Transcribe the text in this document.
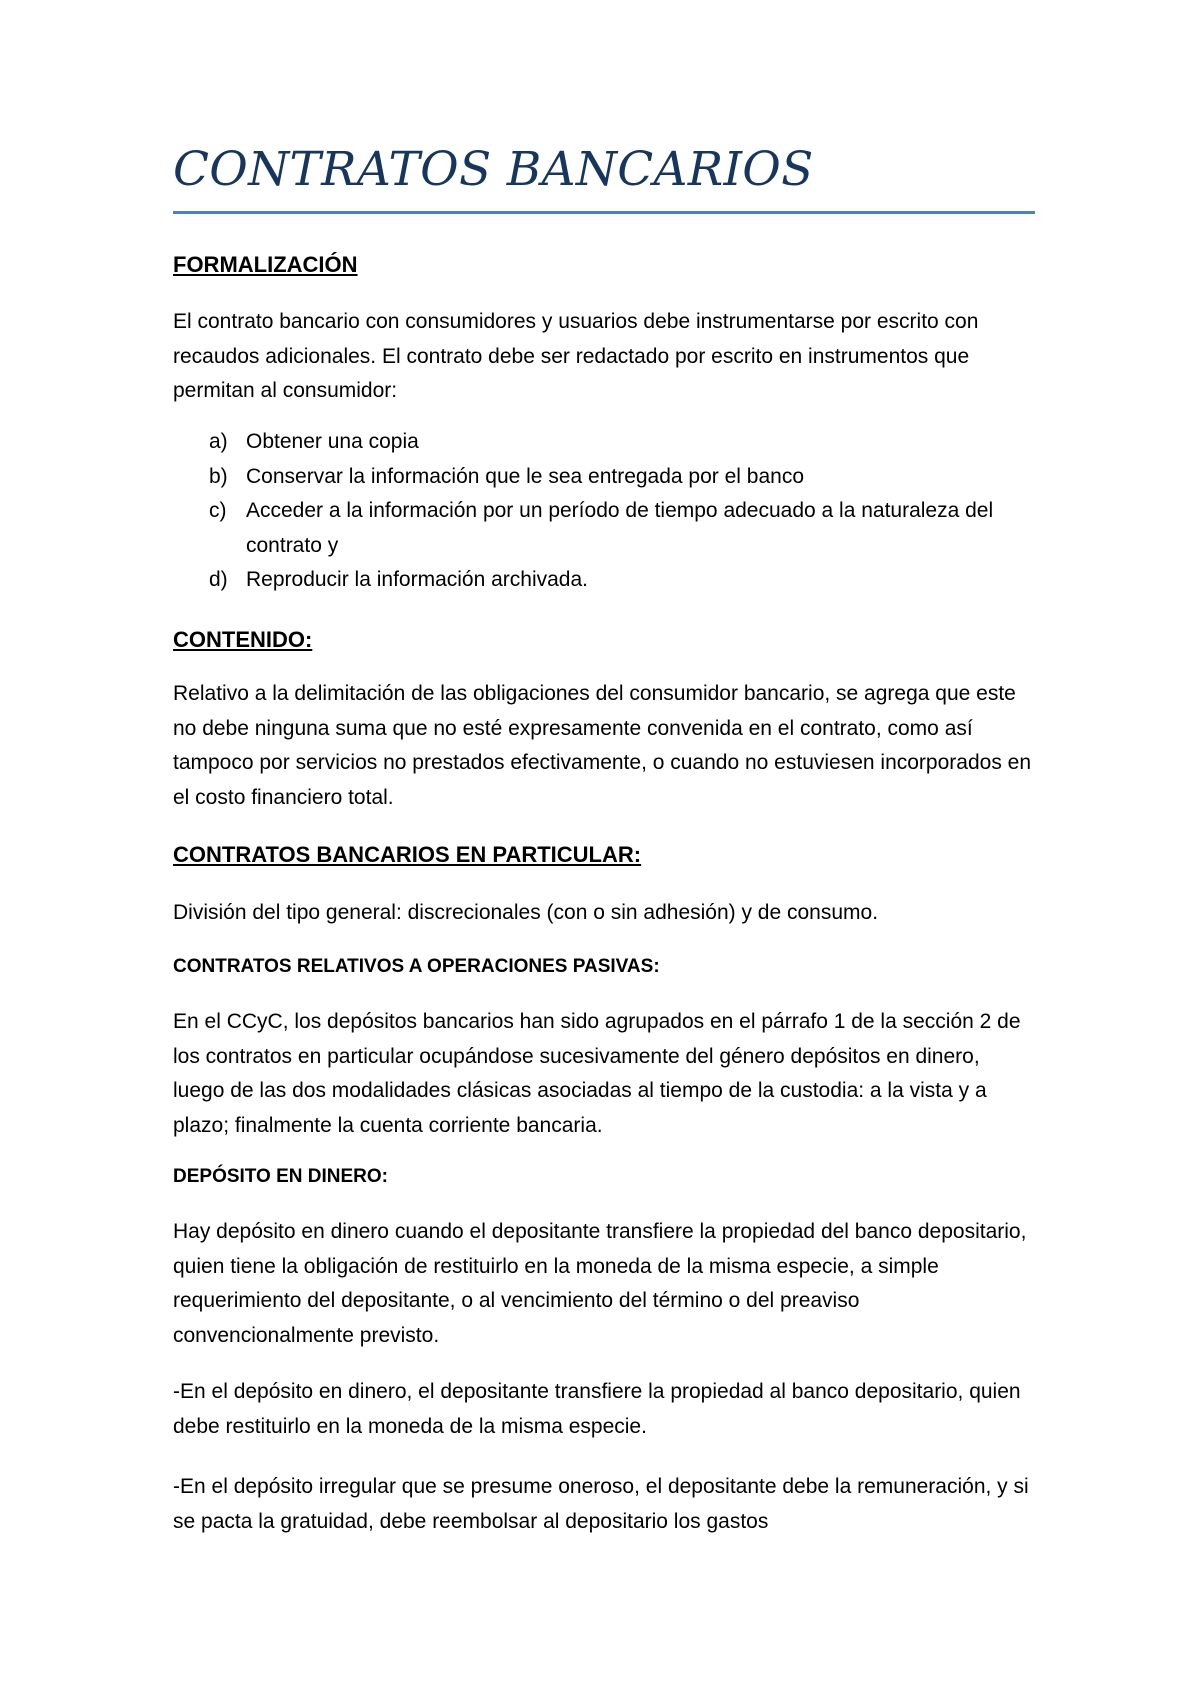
CONTRATOS BANCARIOS
FORMALIZACIÓN
El contrato bancario con consumidores y usuarios debe instrumentarse por escrito con recaudos adicionales. El contrato debe ser redactado por escrito en instrumentos que permitan al consumidor:
a) Obtener una copia
b) Conservar la información que le sea entregada por el banco
c) Acceder a la información por un período de tiempo adecuado a la naturaleza del contrato y
d) Reproducir la información archivada.
CONTENIDO:
Relativo a la delimitación de las obligaciones del consumidor bancario, se agrega que este no debe ninguna suma que no esté expresamente convenida en el contrato, como así tampoco por servicios no prestados efectivamente, o cuando no estuviesen incorporados en el costo financiero total.
CONTRATOS BANCARIOS EN PARTICULAR:
División del tipo general: discrecionales (con o sin adhesión) y de consumo.
CONTRATOS RELATIVOS A OPERACIONES PASIVAS:
En el CCyC, los depósitos bancarios han sido agrupados en el párrafo 1 de la sección 2 de los contratos en particular ocupándose sucesivamente del género depósitos en dinero, luego de las dos modalidades clásicas asociadas al tiempo de la custodia: a la vista y a plazo; finalmente la cuenta corriente bancaria.
DEPÓSITO EN DINERO:
Hay depósito en dinero cuando el depositante transfiere la propiedad del banco depositario, quien tiene la obligación de restituirlo en la moneda de la misma especie, a simple requerimiento del depositante, o al vencimiento del término o del preaviso convencionalmente previsto.
-En el depósito en dinero, el depositante transfiere la propiedad al banco depositario, quien debe restituirlo en la moneda de la misma especie.
-En el depósito irregular que se presume oneroso, el depositante debe la remuneración, y si se pacta la gratuidad, debe reembolsar al depositario los gastos
